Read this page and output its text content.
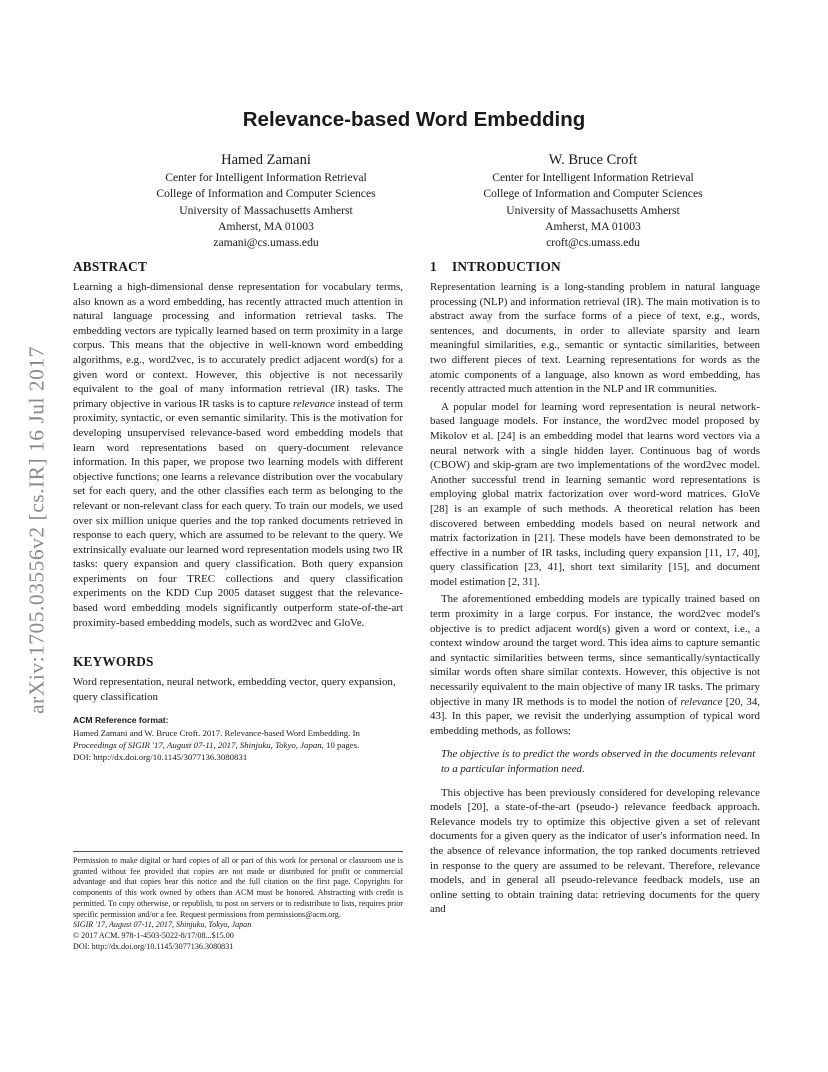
arXiv:1705.03556v2 [cs.IR] 16 Jul 2017
Relevance-based Word Embedding
Hamed Zamani
Center for Intelligent Information Retrieval
College of Information and Computer Sciences
University of Massachusetts Amherst
Amherst, MA 01003
zamani@cs.umass.edu
W. Bruce Croft
Center for Intelligent Information Retrieval
College of Information and Computer Sciences
University of Massachusetts Amherst
Amherst, MA 01003
croft@cs.umass.edu
ABSTRACT

Learning a high-dimensional dense representation for vocabulary terms, also known as a word embedding, has recently attracted much attention in natural language processing and information retrieval tasks. The embedding vectors are typically learned based on term proximity in a large corpus. This means that the objective in well-known word embedding algorithms, e.g., word2vec, is to accurately predict adjacent word(s) for a given word or context. However, this objective is not necessarily equivalent to the goal of many information retrieval (IR) tasks. The primary objective in various IR tasks is to capture relevance instead of term proximity, syntactic, or even semantic similarity. This is the motivation for developing unsupervised relevance-based word embedding models that learn word representations based on query-document relevance information. In this paper, we propose two learning models with different objective functions; one learns a relevance distribution over the vocabulary set for each query, and the other classifies each term as belonging to the relevant or non-relevant class for each query. To train our models, we used over six million unique queries and the top ranked documents retrieved in response to each query, which are assumed to be relevant to the query. We extrinsically evaluate our learned word representation models using two IR tasks: query expansion and query classification. Both query expansion experiments on four TREC collections and query classification experiments on the KDD Cup 2005 dataset suggest that the relevance-based word embedding models significantly outperform state-of-the-art proximity-based embedding models, such as word2vec and GloVe.

KEYWORDS

Word representation, neural network, embedding vector, query expansion, query classification

ACM Reference format:
Hamed Zamani and W. Bruce Croft. 2017. Relevance-based Word Embedding. In Proceedings of SIGIR '17, August 07-11, 2017, Shinjuku, Tokyo, Japan, 10 pages.
DOI: http://dx.doi.org/10.1145/3077136.3080831
Permission to make digital or hard copies of all or part of this work for personal or classroom use is granted without fee provided that copies are not made or distributed for profit or commercial advantage and that copies bear this notice and the full citation on the first page. Copyrights for components of this work owned by others than ACM must be honored. Abstracting with credit is permitted. To copy otherwise, or republish, to post on servers or to redistribute to lists, requires prior specific permission and/or a fee. Request permissions from permissions@acm.org.
SIGIR '17, August 07-11, 2017, Shinjuku, Tokyo, Japan
© 2017 ACM. 978-1-4503-5022-8/17/08...$15.00
DOI: http://dx.doi.org/10.1145/3077136.3080831
1 INTRODUCTION

Representation learning is a long-standing problem in natural language processing (NLP) and information retrieval (IR). The main motivation is to abstract away from the surface forms of a piece of text, e.g., words, sentences, and documents, in order to alleviate sparsity and learn meaningful similarities, e.g., semantic or syntactic similarities, between two different pieces of text. Learning representations for words as the atomic components of a language, also known as word embedding, has recently attracted much attention in the NLP and IR communities.

A popular model for learning word representation is neural network-based language models. For instance, the word2vec model proposed by Mikolov et al. [24] is an embedding model that learns word vectors via a neural network with a single hidden layer. Continuous bag of words (CBOW) and skip-gram are two implementations of the word2vec model. Another successful trend in learning semantic word representations is employing global matrix factorization over word-word matrices. GloVe [28] is an example of such methods. A theoretical relation has been discovered between embedding models based on neural network and matrix factorization in [21]. These models have been demonstrated to be effective in a number of IR tasks, including query expansion [11, 17, 40], query classification [23, 41], short text similarity [15], and document model estimation [2, 31].

The aforementioned embedding models are typically trained based on term proximity in a large corpus. For instance, the word2vec model's objective is to predict adjacent word(s) given a word or context, i.e., a context window around the target word. This idea aims to capture semantic and syntactic similarities between terms, since semantically/syntactically similar words often share similar contexts. However, this objective is not necessarily equivalent to the main objective of many IR tasks. The primary objective in many IR methods is to model the notion of relevance [20, 34, 43]. In this paper, we revisit the underlying assumption of typical word embedding methods, as follows:

The objective is to predict the words observed in the documents relevant to a particular information need.

This objective has been previously considered for developing relevance models [20], a state-of-the-art (pseudo-) relevance feedback approach. Relevance models try to optimize this objective given a set of relevant documents for a given query as the indicator of user's information need. In the absence of relevance information, the top ranked documents retrieved in response to the query are assumed to be relevant. Therefore, relevance models, and in general all pseudo-relevance feedback models, use an online setting to obtain training data: retrieving documents for the query and
